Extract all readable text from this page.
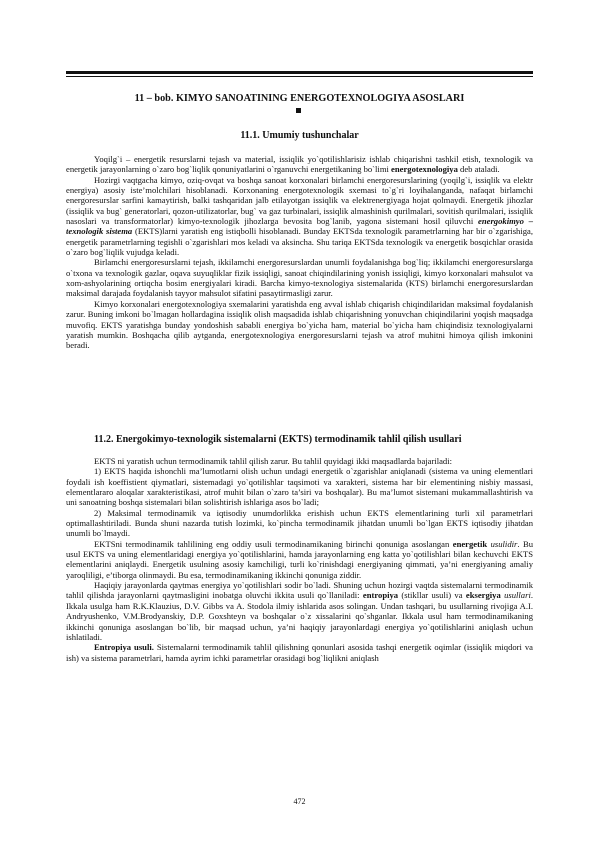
11 – bob. KIMYO SANOATINING ENERGOTEXNOLOGIYA ASOSLARI
11.1. Umumiy tushunchalar

Yoqilg`i – energetik resurslarni tejash va material, issiqlik yo`qotilishlarisiz ishlab chiqarishni tashkil etish, texnologik va energetik jarayonlarning o`zaro bog`liqlik qonuniyatlarini o`rganuvchi energetikaning bo`limi energotexnologiya deb ataladi.

Hozirgi vaqtgacha kimyo, oziq-ovqat va boshqa sanoat korxonalari birlamchi energoresurslarining (yoqilg`i, issiqlik va elektr energiya) asosiy iste’molchilari hisoblanadi. Korxonaning energotexnologik sxemasi to`g`ri loyihalanganda, nafaqat birlamchi energoresurslar sarfini kamaytirish, balki tashqaridan jalb etilayotgan issiqlik va elektrenergiyaga hojat qolmaydi. Energetik jihozlar (issiqlik va bug` generatorlari, qozon-utilizatorlar, bug` va gaz turbinalari, issiqlik almashinish qurilmalari, sovitish qurilmalari, issiqlik nasoslari va transformatorlar) kimyo-texnologik jihozlarga bevosita bog`lanib, yagona sistemani hosil qiluvchi energokimyo – texnologik sistema (EKTS)larni yaratish eng istiqbolli hisoblanadi. Bunday EKTSda texnologik parametrlarning har bir o`zgarishiga, energetik parametrlarning tegishli o`zgarishlari mos keladi va aksincha. Shu tariqa EKTSda texnologik va energetik bosqichlar orasida o`zaro bog`liqlik vujudga keladi.

Birlamchi energoresurslarni tejash, ikkilamchi energoresurslardan unumli foydalanishga bog`liq; ikkilamchi energoresurslarga o`txona va texnologik gazlar, oqava suyuqliklar fizik issiqligi, sanoat chiqindilarining yonish issiqligi, kimyo korxonalari mahsulot va xom-ashyolarining ortiqcha bosim energiyalari kiradi. Barcha kimyo-texnologiya sistemalarida (KTS) birlamchi energoresurslardan maksimal darajada foydalanish tayyor mahsulot sifatini pasaytirmasligi zarur.

Kimyo korxonalari energotexnologiya sxemalarini yaratishda eng avval ishlab chiqarish chiqindilaridan maksimal foydalanish zarur. Buning imkoni bo`lmagan hollardagina issiqlik olish maqsadida ishlab chiqarishning yonuvchan chiqindilarini yoqish maqsadga muvofiq. EKTS yaratishga bunday yondoshish sababli energiya bo`yicha ham, material bo`yicha ham chiqindisiz texnologiyalarni yaratish mumkin. Boshqacha qilib aytganda, energotexnologiya energoresurslarni tejash va atrof muhitni himoya qilish imkonini beradi.

11.2. Energokimyo-texnologik sistemalarni (EKTS) termodinamik tahlil qilish usullari

EKTS ni yaratish uchun termodinamik tahlil qilish zarur. Bu tahlil quyidagi ikki maqsadlarda bajariladi:

1) EKTS haqida ishonchli ma’lumotlarni olish uchun undagi energetik o`zgarishlar aniqlanadi (sistema va uning elementlari foydali ish koeffistient qiymatlari, sistemadagi yo`qotilishlar taqsimoti va xarakteri, sistema har bir elementining nisbiy massasi, elementlararo aloqalar xarakteristikasi, atrof muhit bilan o`zaro ta’siri va boshqalar). Bu ma’lumot sistemani mukammallashtirish va uni sanoatning boshqa sistemalari bilan solishtirish ishlariga asos bo`ladi;

2) Maksimal termodinamik va iqtisodiy unumdorlikka erishish uchun EKTS elementlarining turli xil parametrlari optimallashtiriladi. Bunda shuni nazarda tutish lozimki, ko`pincha termodinamik jihatdan unumli bo`lgan EKTS iqtisodiy jihatdan unumli bo`lmaydi.

EKTSni termodinamik tahlilining eng oddiy usuli termodinamikaning birinchi qonuniga asoslangan energetik usulidir. Bu usul EKTS va uning elementlaridagi energiya yo`qotilishlarini, hamda jarayonlarning eng katta yo`qotilishlari bilan kechuvchi EKTS elementlarini aniqlaydi. Energetik usulning asosiy kamchiligi, turli ko`rinishdagi energiyaning qimmati, ya’ni energiyaning amaliy yaroqliligi, e’tiborga olinmaydi. Bu esa, termodinamikaning ikkinchi qonuniga ziddir.

Haqiqiy jarayonlarda qaytmas energiya yo`qotilishlari sodir bo`ladi. Shuning uchun hozirgi vaqtda sistemalarni termodinamik tahlil qilishda jarayonlarni qaytmasligini inobatga oluvchi ikkita usuli qo`llaniladi: entropiya (stikllar usuli) va eksergiya usullari. Ikkala usulga ham R.K.Klauzius, D.V. Gibbs va A. Stodola ilmiy ishlarida asos solingan. Undan tashqari, bu usullarning rivojiga A.I. Andryushenko, V.M.Brodyanskiy, D.P. Goxshteyn va boshqalar o`z xissalarini qo`shganlar. Ikkala usul ham termodinamikaning ikkinchi qonuniga asoslangan bo`lib, bir maqsad uchun, ya’ni haqiqiy jarayonlardagi energiya yo`qotilishlarini aniqlash uchun ishlatiladi.

Entropiya usuli. Sistemalarni termodinamik tahlil qilishning qonunlari asosida tashqi energetik oqimlar (issiqlik miqdori va ish) va sistema parametrlari, hamda ayrim ichki parametrlar orasidagi bog`liqlikni aniqlash

472
